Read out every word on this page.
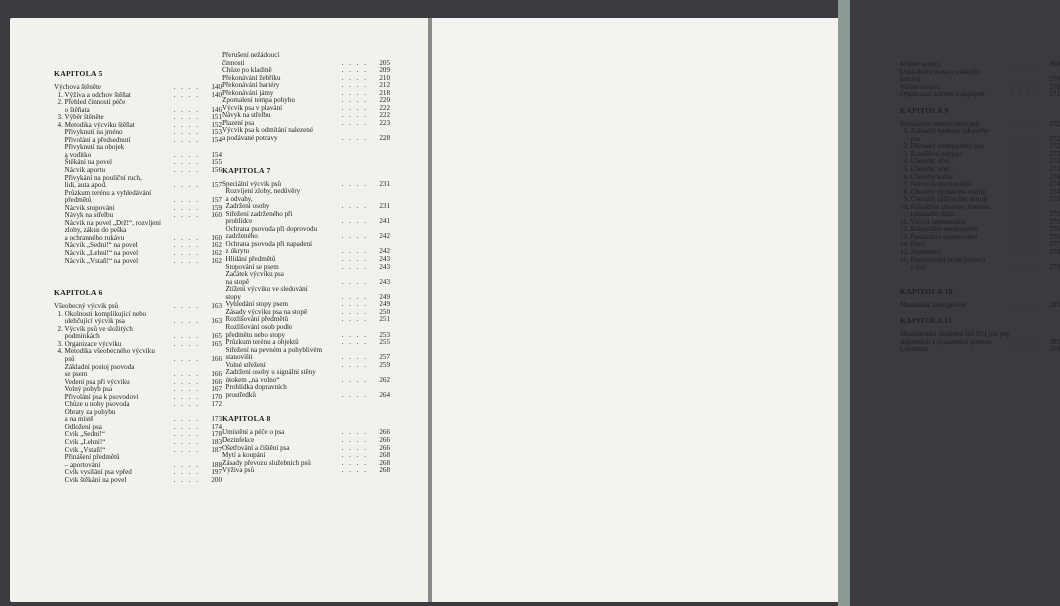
KAPITOLA 5
Výchova štěněte	. . . . 140
1. Výživa a odchov štěňat	. . . . 140
2. Přehled činností péče
o štěňata	. . . . 146
3. Výběr štěněte	. . . . 151
4. Metodika výcviku štěňat	. . . . 152
Přivyknutí na jméno	. . . . 153
Přivolání a předsednutí	. . . . 154
Přivyknutí na obojek
a vodítko	. . . . 154
Štěkání na povel	. . . . 155
Nácvik aportu	. . . . 156
Přivykání na pouliční ruch,
lidi, auta apod.	. . . . 157
Průzkum terénu a vyhledávání
předmětů	. . . . 157
Nácvik stopování	. . . . 159
Návyk na střelbu	. . . . 160
Nácvik na povel „Drž!“, rozvíjení
zloby, zákus do peška
a ochranného rukávu	. . . . 160
Nácvik „Sedni!“ na povel	. . . . 162
Nácvik „Lehni!“ na povel	. . . . 162
Nácvik „Vstaň!“ na povel	. . . . 162
KAPITOLA 6
Všeobecný výcvik psů	. . . . 163
1. Okolnosti komplikující nebo
ulehčující výcvik psa	. . . . 163
2. Výcvik psů ve složitých
podmínkách	. . . . 165
3. Organizace výcviku	. . . . 165
4. Metodika všeobecného výcviku
psů	. . . . 166
Základní postoj psovoda
se psem	. . . . 166
Vedení psa při výcviku	. . . . 166
Volný pohyb psa	. . . . 167
Přivolání psa k psovodovi	. . . . 170
Chůze u nohy psovoda	. . . . 172
Obraty za pohybu
a na místě	. . . . 173
Odložení psa	. . . . 174
Cvik „Sedni!“	. . . . 178
Cvik „Lehni!“	. . . . 183
Cvik „Vstaň!“	. . . . 187
Přinášení předmětů
– aportování	. . . . 188
Cvik vysílání psa vpřed	. . . . 197
Cvik štěkání na povel	. . . . 200
Přerušení nežádoucí
činnosti	. . . . 205
Chůze po kladině	. . . . 209
Překonávání žebříku	. . . . 210
Překonávání bariéry	. . . . 212
Překonávání jámy	. . . . 218
Zpomalení tempa pohybu	. . . . 220
Výcvik psa v plavání	. . . . 222
Návyk na střelbu	. . . . 222
Plazení psa	. . . . 223
Výcvik psa k odmítání nalezené
a podávané potravy	. . . . 228
KAPITOLA 7
Speciální výcvik psů	. . . . 231
Rozvíjení zloby, nedůvěry
a odvahy,
Zadržení osoby	. . . . 231
Střežení zadrženého při
prohlídce	. . . . 241
Ochrana psovoda při doprovodu
zadrženého	. . . . 242
Ochrana psovoda při napadení
z úkrytu	. . . . 242
Hlídání předmětů	. . . . 243
Stopování se psem	. . . . 243
Začátek výcviku psa
na stopě	. . . . 243
Ztížení výcviku ve sledování
stopy	. . . . 249
Vyhledání stopy psem	. . . . 249
Zásady výcviku psa na stopě	. . . . 250
Rozlišování předmětů	. . . . 251
Rozlišování osob podle
předmětu nebo stopy	. . . . 253
Průzkum terénu a objektů	. . . . 255
Střežení na pevném a pohyblivém
stanovišti	. . . . 257
Volné střežení	. . . . 259
Zadržení osoby u signální stěny
útokem „na volno“	. . . . 262
Prohlídka dopravních
prostředků	. . . . 264
KAPITOLA 8
Umístění a péče o psa	. . . . 266
Dezinfekce	. . . . 266
Ošetřování a čištění psa	. . . . 266
Mytí a koupání	. . . . 268
Zásady převozu služebních psů	. . . . 268
Výživa psů	. . . . 268
Krmné normy	. . . . 269
Uskladnění masa a ostatního
krmiva	. . . . 270
Vaření krmiva	. . . . 270
Organizace krmení a napájení	. . . . 271
KAPITOLA 9
Nejčastější onemocnění psů	. . . . 272
1. Základní hodnoty zdravého
psa	. . . . 272
2. Příznaky onemocnění psa	. . . . 272
3. Rozdělení nemocí	. . . . 273
4. Choroby oční	. . . . 273
5. Choroby ušní	. . . . 273
6. Choroby kožní	. . . . 274
7. Nervová onemocnění	. . . . 274
8. Choroby dýchacího ústrojí	. . . . 274
9. Choroby zažívacího ústrojí	. . . . 275
10. Nakažlivé choroby, imunita,
inkubační doba	. . . . 275
11. Virová onemocnění	. . . . 275
12. Bakteriální onemocnění	. . . . 276
13. Parazitární onemocnění	. . . . 276
14. Rány	. . . . 277
15. Zlomeniny	. . . . 278
16. Poskytování první pomoci
u psů	. . . . 279
KAPITOLA 10
Materiální zabezpečení	. . . . 283
KAPITOLA 11
Mezinárodní zkušební řád FCI pro psy
služebních a pracovních plemen	. . . . 285
Literatura	. . . . 319
